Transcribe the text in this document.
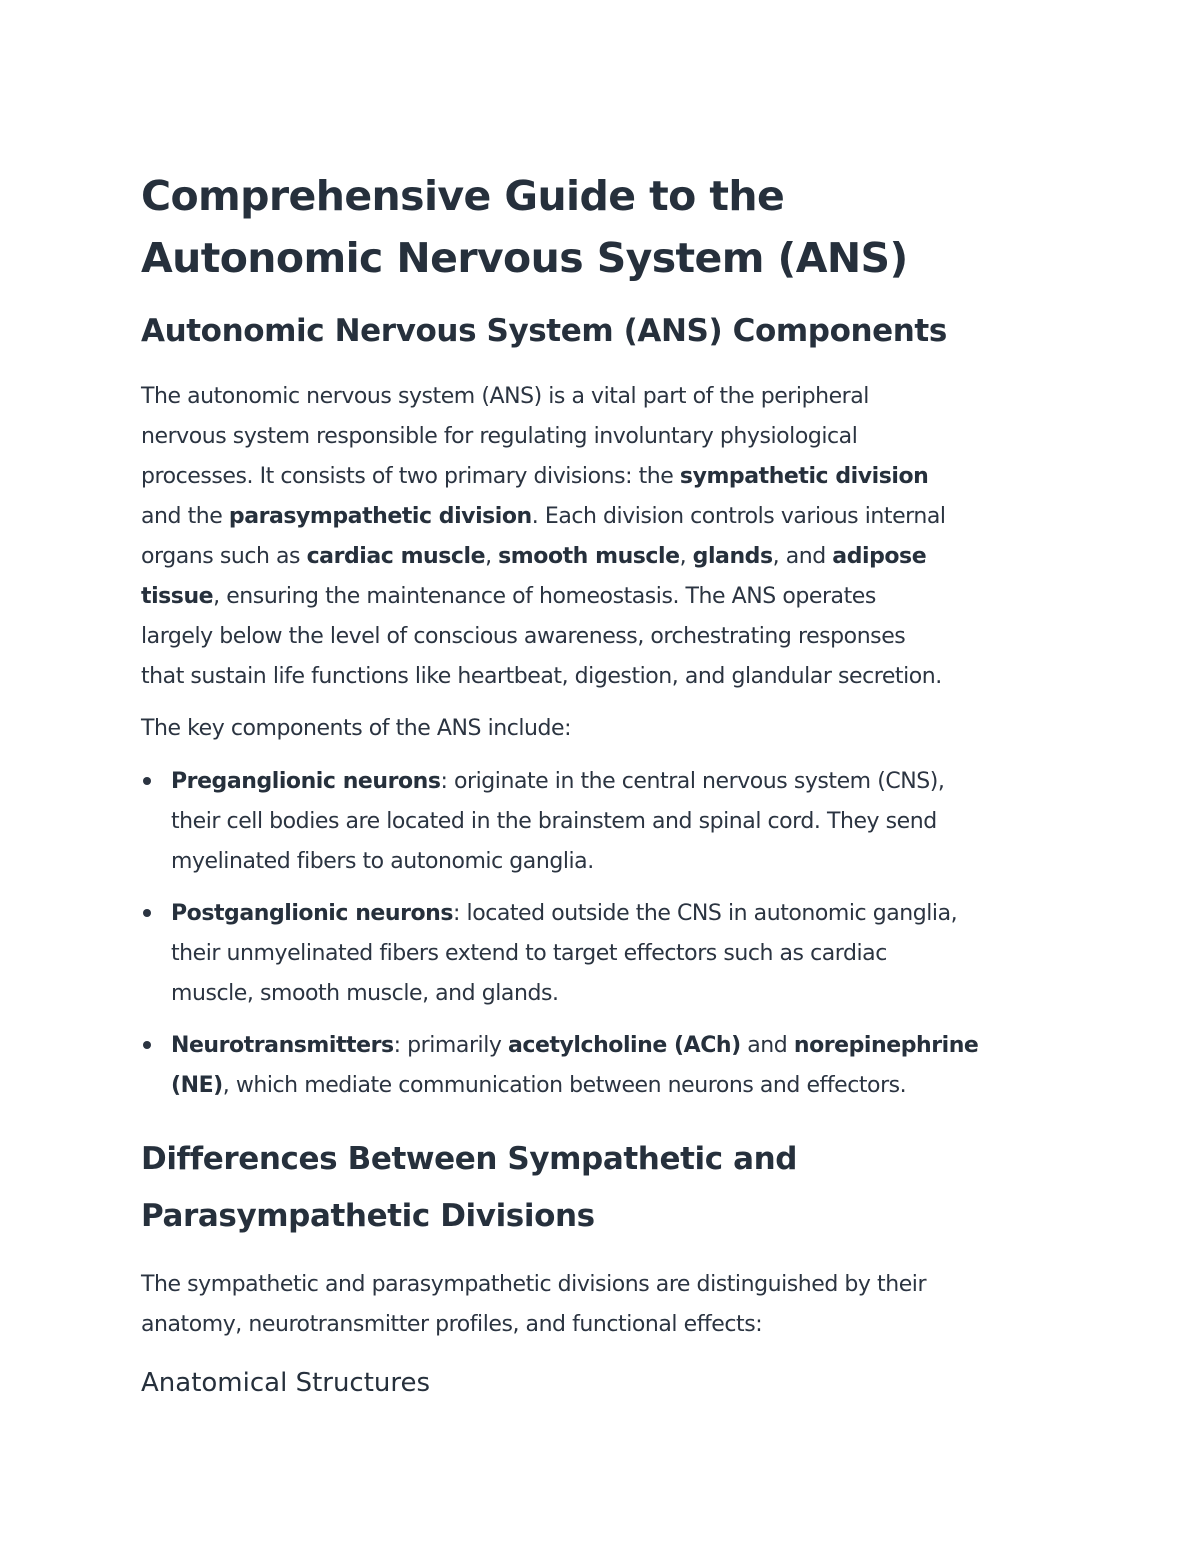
Comprehensive Guide to the
Autonomic Nervous System (ANS)
Autonomic Nervous System (ANS) Components

The autonomic nervous system (ANS) is a vital part of the peripheral
nervous system responsible for regulating involuntary physiological
processes. It consists of two primary divisions: the sympathetic division
and the parasympathetic division. Each division controls various internal
organs such as cardiac muscle, smooth muscle, glands, and adipose
tissue, ensuring the maintenance of homeostasis. The ANS operates
largely below the level of conscious awareness, orchestrating responses
that sustain life functions like heartbeat, digestion, and glandular secretion.

The key components of the ANS include:

Preganglionic neurons: originate in the central nervous system (CNS),
their cell bodies are located in the brainstem and spinal cord. They send
myelinated fibers to autonomic ganglia.
Postganglionic neurons: located outside the CNS in autonomic ganglia,
their unmyelinated fibers extend to target effectors such as cardiac
muscle, smooth muscle, and glands.
Neurotransmitters: primarily acetylcholine (ACh) and norepinephrine
(NE), which mediate communication between neurons and effectors.
Differences Between Sympathetic and
Parasympathetic Divisions

The sympathetic and parasympathetic divisions are distinguished by their
anatomy, neurotransmitter profiles, and functional effects:

Anatomical Structures
